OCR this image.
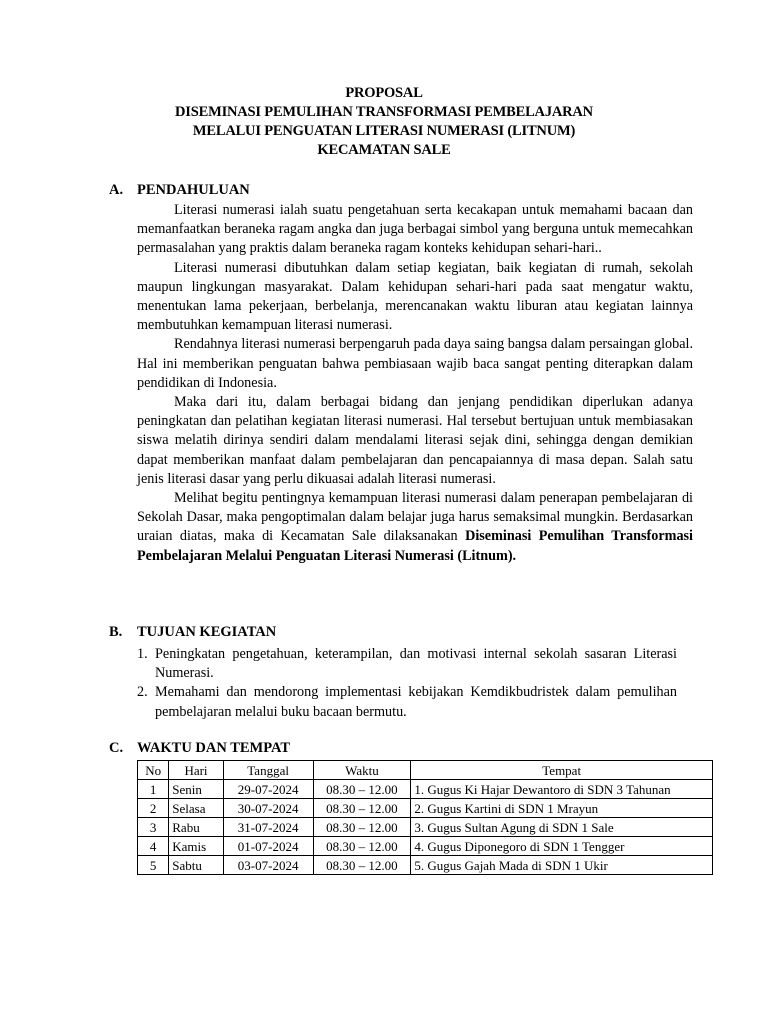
PROPOSAL
DISEMINASI PEMULIHAN TRANSFORMASI PEMBELAJARAN
MELALUI PENGUATAN LITERASI NUMERASI (LITNUM)
KECAMATAN SALE
A. PENDAHULUAN

Literasi numerasi ialah suatu pengetahuan serta kecakapan untuk memahami bacaan dan memanfaatkan beraneka ragam angka dan juga berbagai simbol yang berguna untuk memecahkan permasalahan yang praktis dalam beraneka ragam konteks kehidupan sehari-hari..

Literasi numerasi dibutuhkan dalam setiap kegiatan, baik kegiatan di rumah, sekolah maupun lingkungan masyarakat. Dalam kehidupan sehari-hari pada saat mengatur waktu, menentukan lama pekerjaan, berbelanja, merencanakan waktu liburan atau kegiatan lainnya membutuhkan kemampuan literasi numerasi.

Rendahnya literasi numerasi berpengaruh pada daya saing bangsa dalam persaingan global. Hal ini memberikan penguatan bahwa pembiasaan wajib baca sangat penting diterapkan dalam pendidikan di Indonesia.

Maka dari itu, dalam berbagai bidang dan jenjang pendidikan diperlukan adanya peningkatan dan pelatihan kegiatan literasi numerasi. Hal tersebut bertujuan untuk membiasakan siswa melatih dirinya sendiri dalam mendalami literasi sejak dini, sehingga dengan demikian dapat memberikan manfaat dalam pembelajaran dan pencapaiannya di masa depan. Salah satu jenis literasi dasar yang perlu dikuasai adalah literasi numerasi.

Melihat begitu pentingnya kemampuan literasi numerasi dalam penerapan pembelajaran di Sekolah Dasar, maka pengoptimalan dalam belajar juga harus semaksimal mungkin. Berdasarkan uraian diatas, maka di Kecamatan Sale dilaksanakan Diseminasi Pemulihan Transformasi Pembelajaran Melalui Penguatan Literasi Numerasi (Litnum).

B. TUJUAN KEGIATAN
1. Peningkatan pengetahuan, keterampilan, dan motivasi internal sekolah sasaran Literasi Numerasi.
2. Memahami dan mendorong implementasi kebijakan Kemdikbudristek dalam pemulihan pembelajaran melalui buku bacaan bermutu.
C. WAKTU DAN TEMPAT
No	Hari	Tanggal	Waktu	Tempat
1	Senin	29-07-2024	08.30 – 12.00	1. Gugus Ki Hajar Dewantoro di SDN 3 Tahunan
2	Selasa	30-07-2024	08.30 – 12.00	2. Gugus Kartini di SDN 1 Mrayun
3	Rabu	31-07-2024	08.30 – 12.00	3. Gugus Sultan Agung di SDN 1 Sale
4	Kamis	01-07-2024	08.30 – 12.00	4. Gugus Diponegoro di SDN 1 Tengger
5	Sabtu	03-07-2024	08.30 – 12.00	5. Gugus Gajah Mada di SDN 1 Ukir
